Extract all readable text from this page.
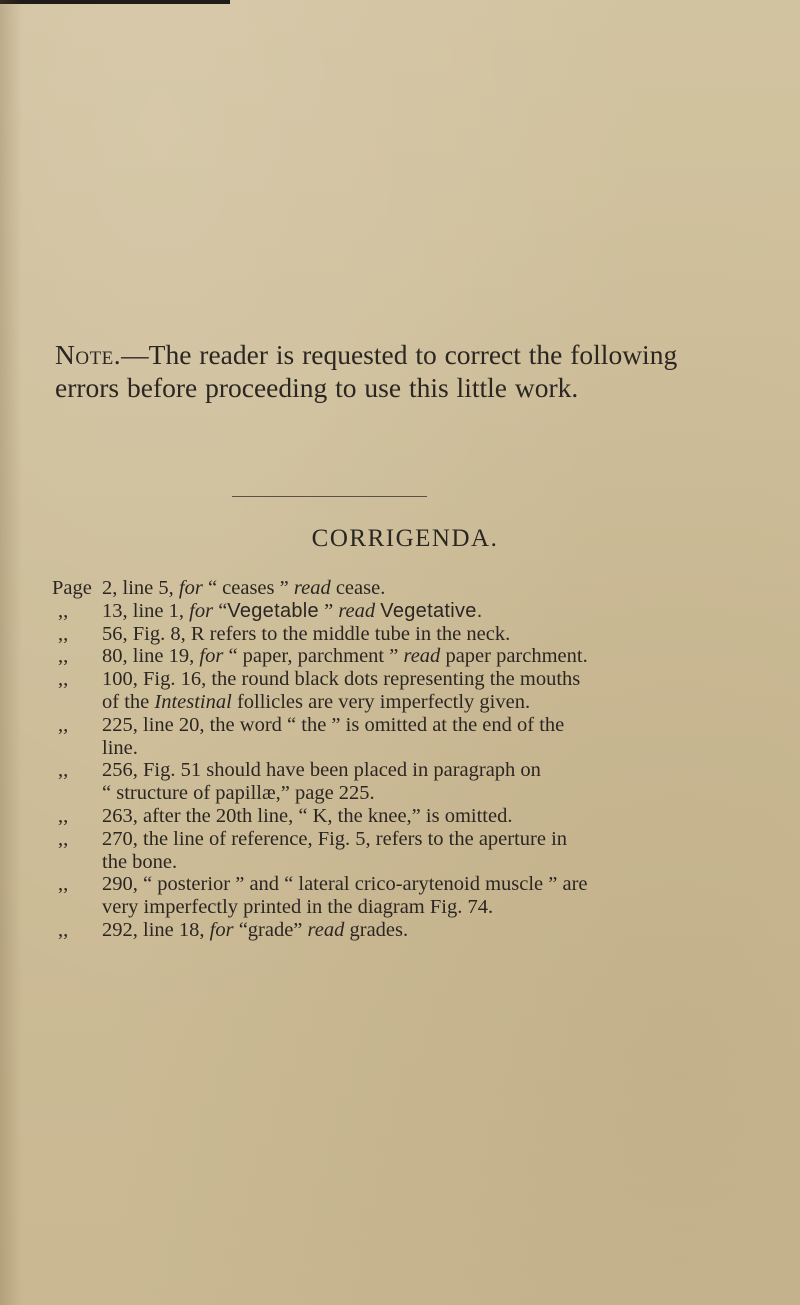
Note.—The reader is requested to correct the following errors before proceeding to use this little work.
CORRIGENDA.
Page 2, line 5, for “ ceases ” read cease.
,, 13, line 1, for “Vegetable ” read Vegetative.
,, 56, Fig. 8, R refers to the middle tube in the neck.
,, 80, line 19, for “ paper, parchment ” read paper parchment.
,, 100, Fig. 16, the round black dots representing the mouths
of the Intestinal follicles are very imperfectly given.
,, 225, line 20, the word “ the ” is omitted at the end of the
line.
,, 256, Fig. 51 should have been placed in paragraph on
“ structure of papillæ,” page 225.
,, 263, after the 20th line, “ K, the knee,” is omitted.
,, 270, the line of reference, Fig. 5, refers to the aperture in
the bone.
,, 290, “ posterior ” and “ lateral crico-arytenoid muscle ” are
very imperfectly printed in the diagram Fig. 74.
,, 292, line 18, for “grade” read grades.
